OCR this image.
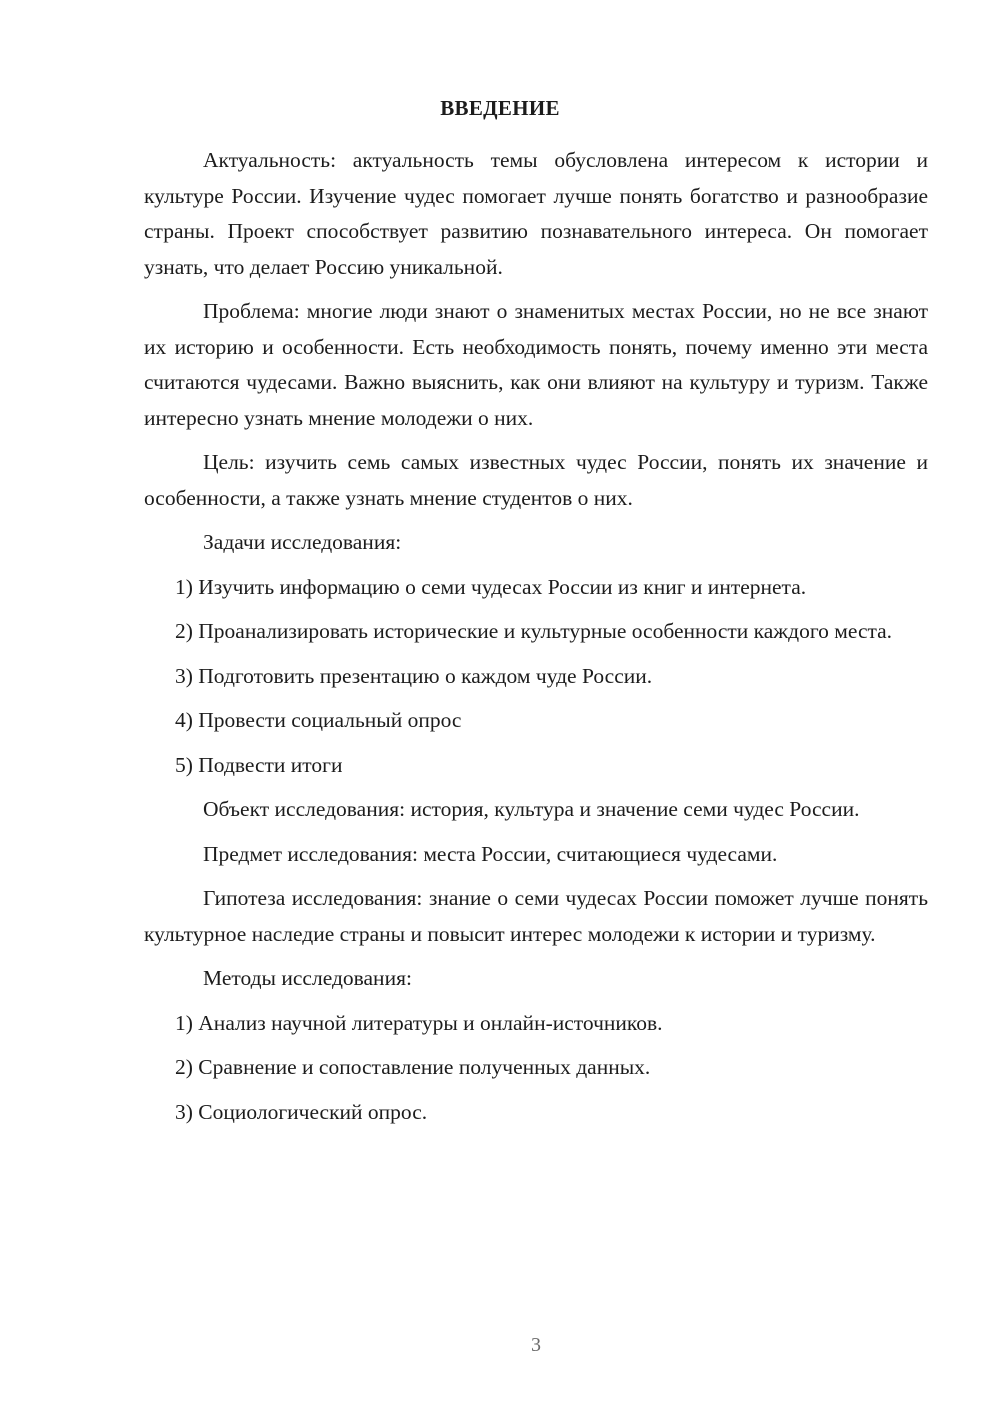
ВВЕДЕНИЕ

Актуальность: актуальность темы обусловлена интересом к истории и культуре России. Изучение чудес помогает лучше понять богатство и разнообразие страны. Проект способствует развитию познавательного интереса. Он помогает узнать, что делает Россию уникальной.

Проблема: многие люди знают о знаменитых местах России, но не все знают их историю и особенности. Есть необходимость понять, почему именно эти места считаются чудесами. Важно выяснить, как они влияют на культуру и туризм. Также интересно узнать мнение молодежи о них.

Цель: изучить семь самых известных чудес России, понять их значение и особенности, а также узнать мнение студентов о них.

Задачи исследования:

1) Изучить информацию о семи чудесах России из книг и интернета.

2) Проанализировать исторические и культурные особенности каждого места.

3) Подготовить презентацию о каждом чуде России.

4) Провести социальный опрос

5) Подвести итоги

Объект исследования: история, культура и значение семи чудес России.

Предмет исследования: места России, считающиеся чудесами.

Гипотеза исследования: знание о семи чудесах России поможет лучше понять культурное наследие страны и повысит интерес молодежи к истории и туризму.

Методы исследования:

1) Анализ научной литературы и онлайн-источников.

2) Сравнение и сопоставление полученных данных.

3) Социологический опрос.

3
